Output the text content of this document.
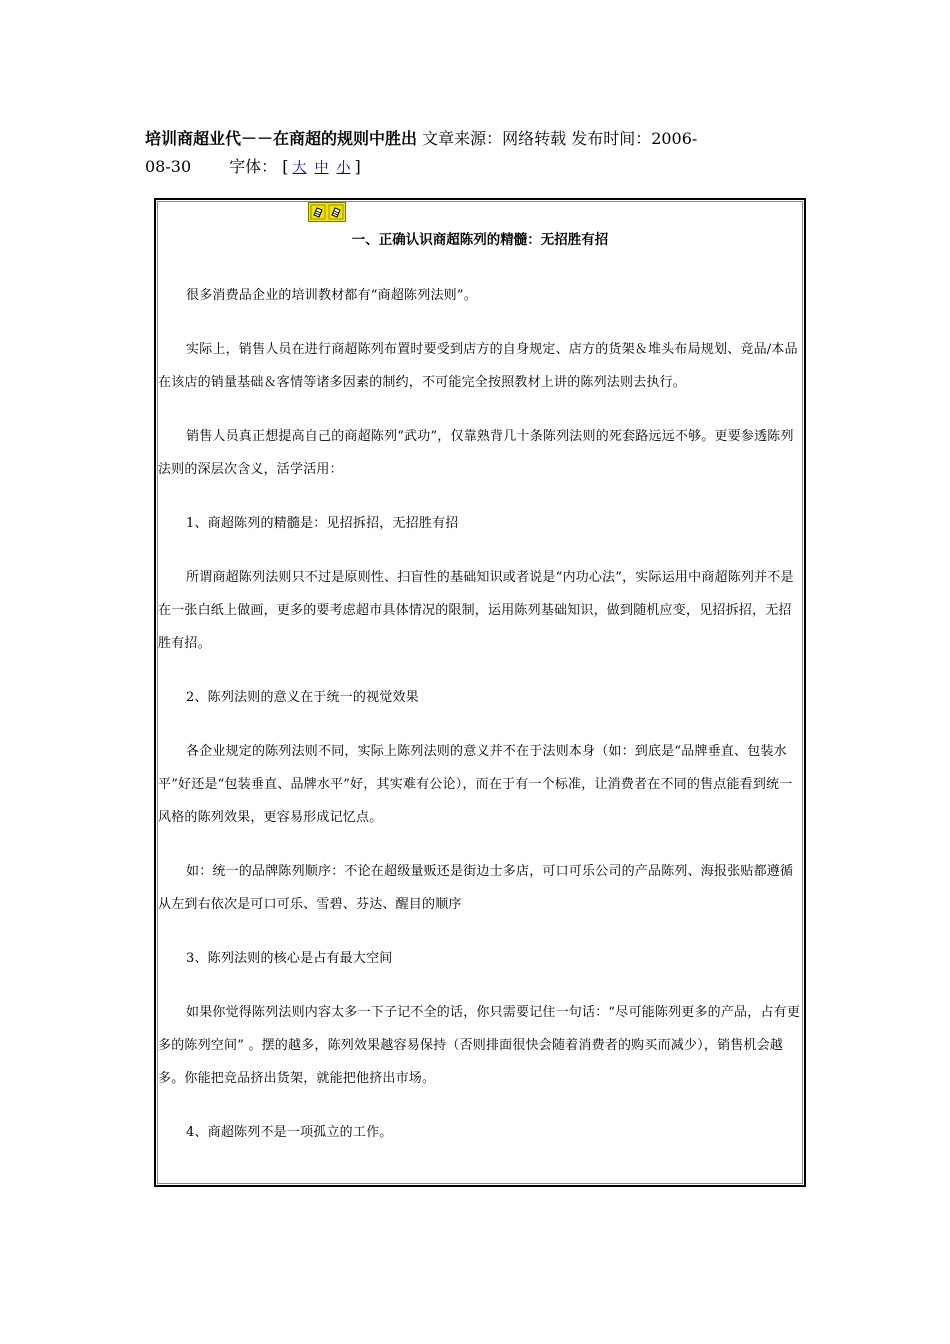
培训商超业代－－在商超的规则中胜出 文章来源：网络转载 发布时间：2006-
08-30 字体： [ 大 中 小 ]
一、正确认识商超陈列的精髓：无招胜有招

很多消费品企业的培训教材都有“商超陈列法则”。

实际上，销售人员在进行商超陈列布置时要受到店方的自身规定、店方的货架＆堆头布局规划、竞品/本品在该店的销量基础＆客情等诸多因素的制约，不可能完全按照教材上讲的陈列法则去执行。

销售人员真正想提高自己的商超陈列“武功”，仅靠熟背几十条陈列法则的死套路远远不够。更要参透陈列法则的深层次含义，活学活用：

1、商超陈列的精髓是：见招拆招，无招胜有招

所谓商超陈列法则只不过是原则性、扫盲性的基础知识或者说是“内功心法”，实际运用中商超陈列并不是在一张白纸上做画，更多的要考虑超市具体情况的限制，运用陈列基础知识，做到随机应变，见招拆招，无招胜有招。

2、陈列法则的意义在于统一的视觉效果

各企业规定的陈列法则不同，实际上陈列法则的意义并不在于法则本身（如：到底是“品牌垂直、包装水平”好还是“包装垂直、品牌水平”好，其实难有公论），而在于有一个标准，让消费者在不同的售点能看到统一风格的陈列效果，更容易形成记忆点。

如：统一的品牌陈列顺序：不论在超级量贩还是街边士多店，可口可乐公司的产品陈列、海报张贴都遵循从左到右依次是可口可乐、雪碧、芬达、醒目的顺序

3、陈列法则的核心是占有最大空间

如果你觉得陈列法则内容太多一下子记不全的话，你只需要记住一句话：“尽可能陈列更多的产品，占有更多的陈列空间” 。摆的越多，陈列效果越容易保持（否则排面很快会随着消费者的购买而减少），销售机会越多。你能把竞品挤出货架，就能把他挤出市场。

4、商超陈列不是一项孤立的工作。
